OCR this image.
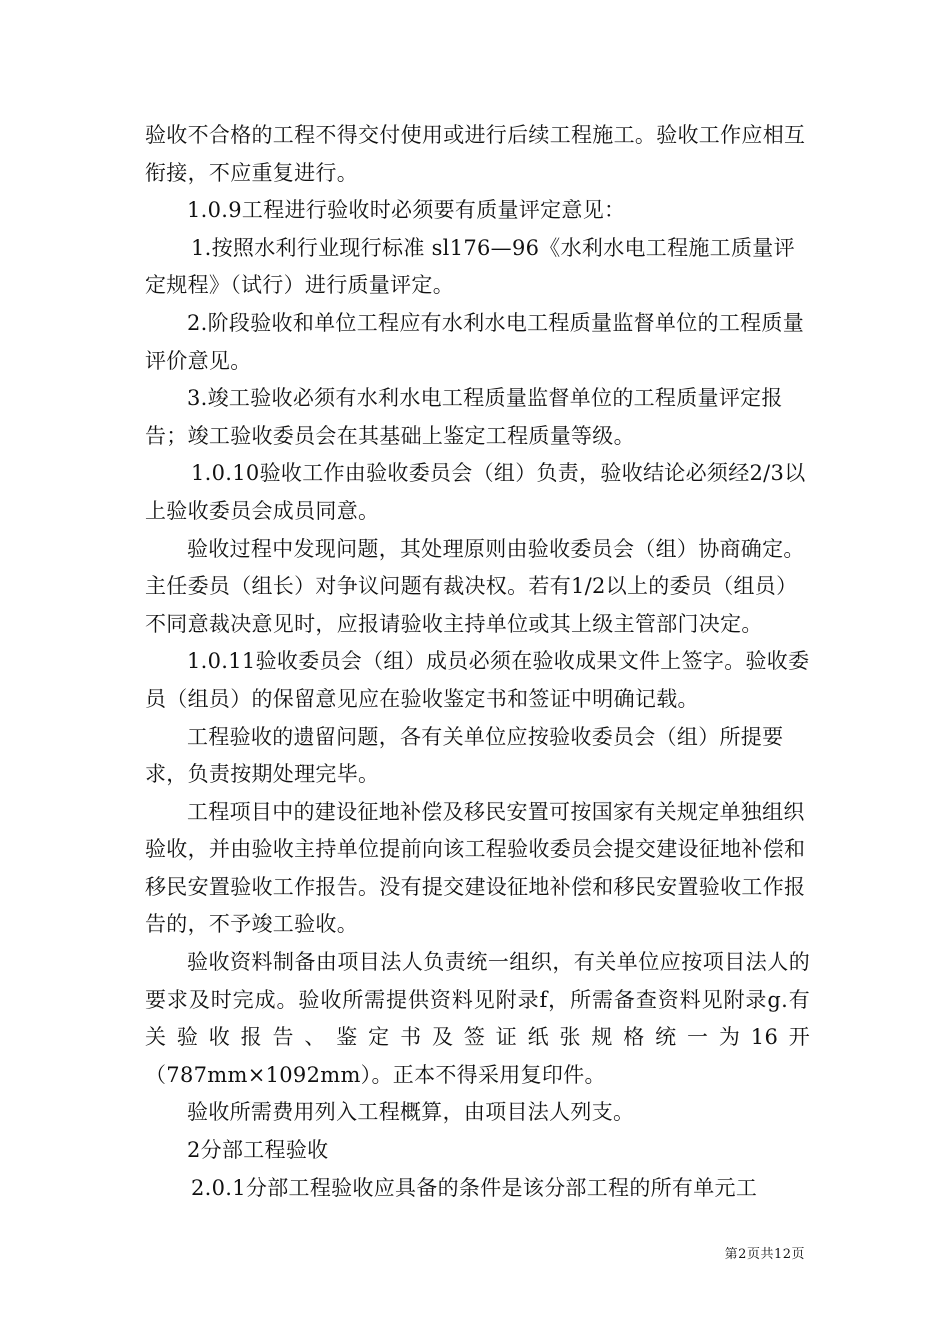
验收不合格的工程不得交付使用或进行后续工程施工。验收工作应相互衔接，不应重复进行。

1.0.9工程进行验收时必须要有质量评定意见：

1.按照水利行业现行标准 sl176—96《水利水电工程施工质量评定规程》（试行）进行质量评定。

2.阶段验收和单位工程应有水利水电工程质量监督单位的工程质量评价意见。

3.竣工验收必须有水利水电工程质量监督单位的工程质量评定报告；竣工验收委员会在其基础上鉴定工程质量等级。

1.0.10验收工作由验收委员会（组）负责，验收结论必须经2/3以上验收委员会成员同意。

验收过程中发现问题，其处理原则由验收委员会（组）协商确定。主任委员（组长）对争议问题有裁决权。若有1/2以上的委员（组员）不同意裁决意见时，应报请验收主持单位或其上级主管部门决定。

1.0.11验收委员会（组）成员必须在验收成果文件上签字。验收委员（组员）的保留意见应在验收鉴定书和签证中明确记载。

工程验收的遗留问题，各有关单位应按验收委员会（组）所提要求，负责按期处理完毕。

工程项目中的建设征地补偿及移民安置可按国家有关规定单独组织验收，并由验收主持单位提前向该工程验收委员会提交建设征地补偿和移民安置验收工作报告。没有提交建设征地补偿和移民安置验收工作报告的，不予竣工验收。

验收资料制备由项目法人负责统一组织，有关单位应按项目法人的要求及时完成。验收所需提供资料见附录f，所需备查资料见附录g.有关验收报告、鉴定书及签证纸张规格统一为16开（787mm×1092mm）。正本不得采用复印件。

验收所需费用列入工程概算，由项目法人列支。

2分部工程验收

2.0.1分部工程验收应具备的条件是该分部工程的所有单元工

第2页共12页
